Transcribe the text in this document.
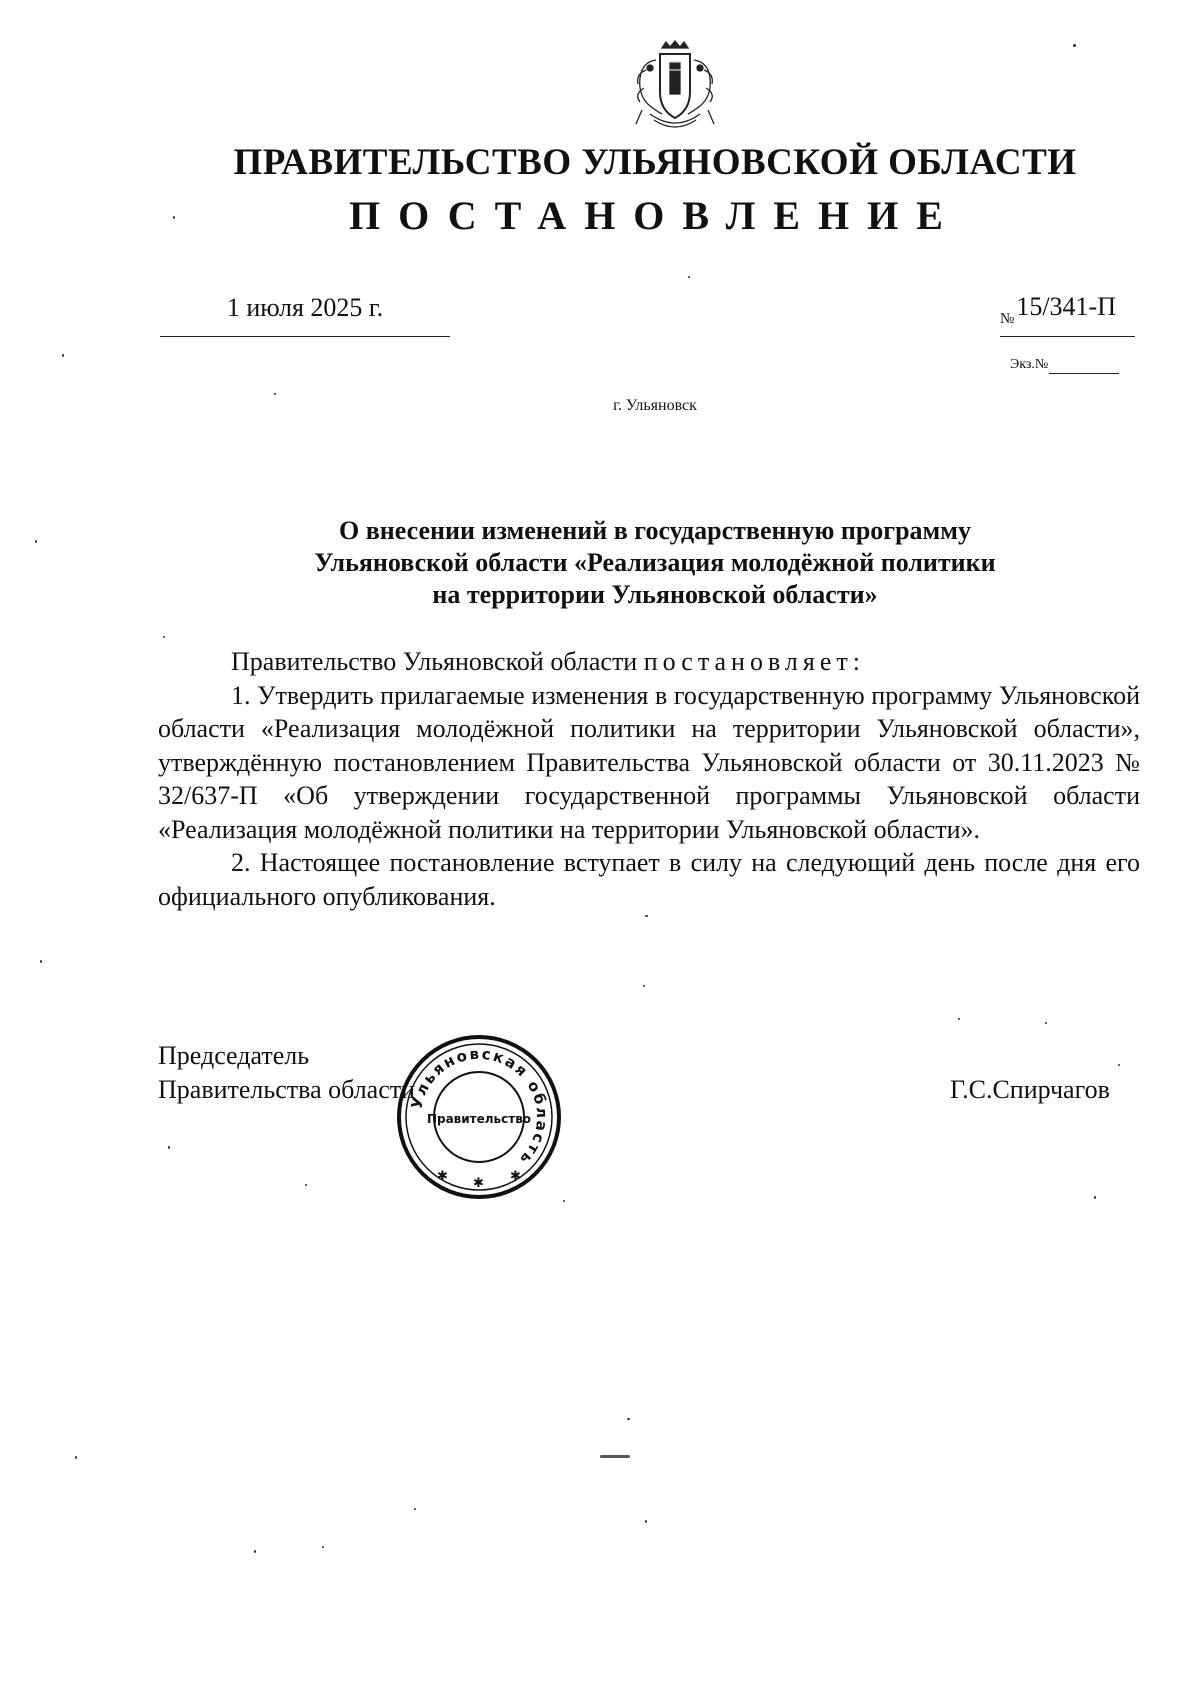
ПРАВИТЕЛЬСТВО УЛЬЯНОВСКОЙ ОБЛАСТИ
ПОСТАНОВЛЕНИЕ
1 июля 2025 г.	$_№$15/341-П
Экз.№
г. Ульяновск
О внесении изменений в государственную программу
Ульяновской области «Реализация молодёжной политики
на территории Ульяновской области»

Правительство Ульяновской области постановляет:

1. Утвердить прилагаемые изменения в государственную программу Ульяновской области «Реализация молодёжной политики на территории Ульяновской области», утверждённую постановлением Правительства Ульяновской области от 30.11.2023 № 32/637-П «Об утверждении государственной программы Ульяновской области «Реализация молодёжной политики на территории Ульяновской области».

2. Настоящее постановление вступает в силу на следующий день после дня его официального опубликования.

Председатель
Правительства области
Ульяновская область
Правительство
✱ ✱ ✱
Г.С.Спирчагов
